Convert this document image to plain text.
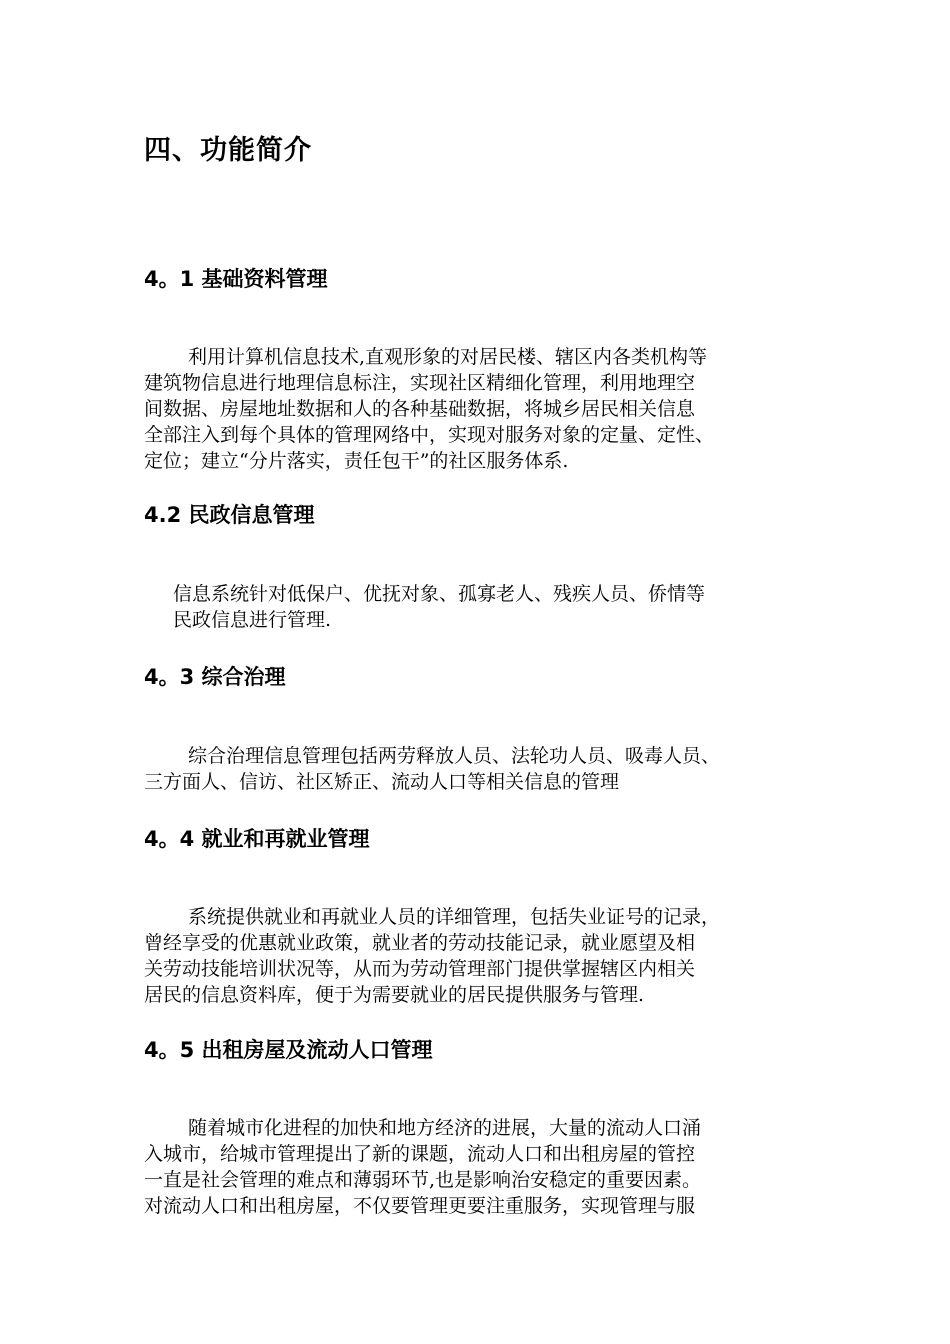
四、功能简介
4。1 基础资料管理
利用计算机信息技术,直观形象的对居民楼、辖区内各类机构等
建筑物信息进行地理信息标注，实现社区精细化管理，利用地理空
间数据、房屋地址数据和人的各种基础数据，将城乡居民相关信息
全部注入到每个具体的管理网络中，实现对服务对象的定量、定性、
定位；建立“分片落实，责任包干”的社区服务体系.
4.2 民政信息管理
信息系统针对低保户、优抚对象、孤寡老人、残疾人员、侨情等
民政信息进行管理.
4。3 综合治理
综合治理信息管理包括两劳释放人员、法轮功人员、吸毒人员、
三方面人、信访、社区矫正、流动人口等相关信息的管理
4。4 就业和再就业管理
系统提供就业和再就业人员的详细管理，包括失业证号的记录，
曾经享受的优惠就业政策，就业者的劳动技能记录，就业愿望及相
关劳动技能培训状况等，从而为劳动管理部门提供掌握辖区内相关
居民的信息资料库，便于为需要就业的居民提供服务与管理.
4。5 出租房屋及流动人口管理
随着城市化进程的加快和地方经济的进展，大量的流动人口涌
入城市，给城市管理提出了新的课题，流动人口和出租房屋的管控
一直是社会管理的难点和薄弱环节,也是影响治安稳定的重要因素。
对流动人口和出租房屋，不仅要管理更要注重服务，实现管理与服
